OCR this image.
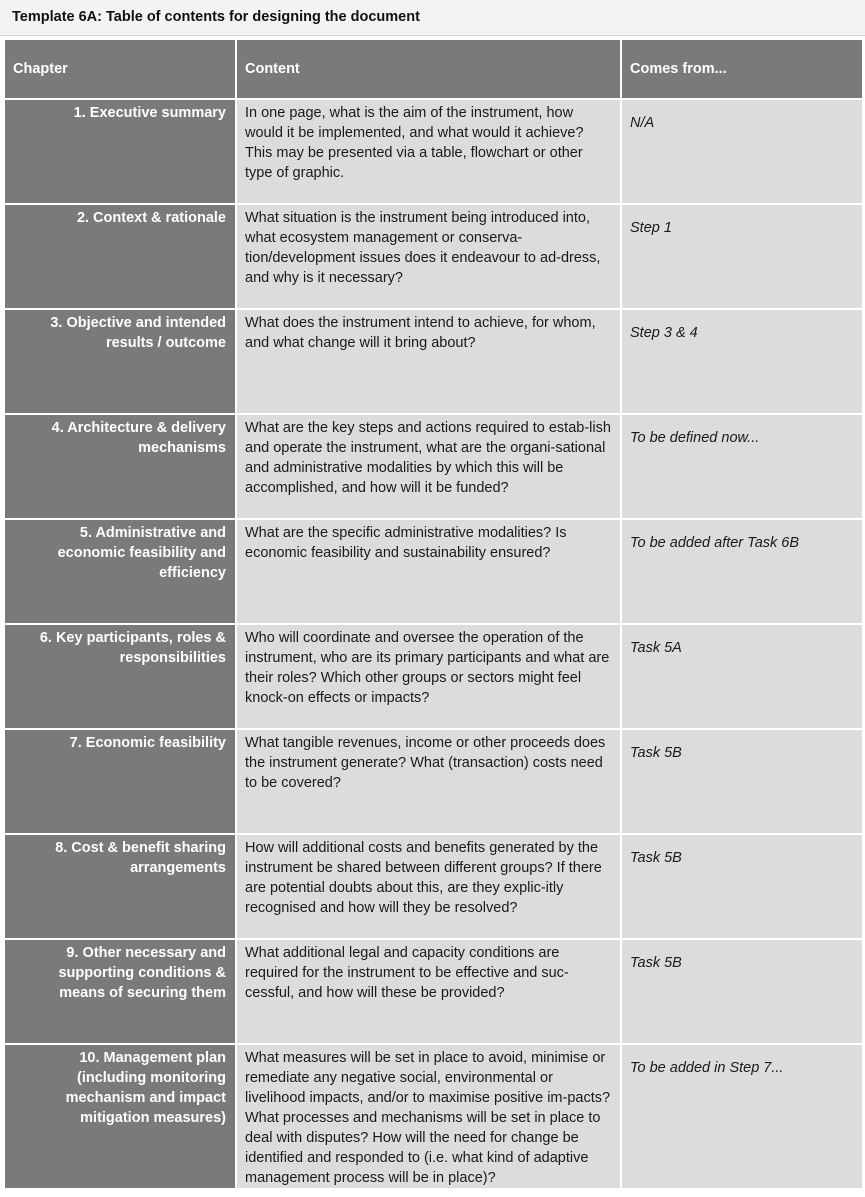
Template 6A: Table of contents for designing the document
Chapter	Content	Comes from...
1. Executive summary	In one page, what is the aim of the instrument, how would it be implemented, and what would it achieve? This may be presented via a table, flowchart or other type of graphic.	N/A
2. Context & rationale	What situation is the instrument being introduced into, what ecosystem management or conserva-tion/development issues does it endeavour to ad-dress, and why is it necessary?	Step 1
3. Objective and intended results / outcome	What does the instrument intend to achieve, for whom, and what change will it bring about?	Step 3 & 4
4. Architecture & delivery mechanisms	What are the key steps and actions required to estab-lish and operate the instrument, what are the organi-sational and administrative modalities by which this will be accomplished, and how will it be funded?	To be defined now...
5. Administrative and economic feasibility and efficiency	What are the specific administrative modalities? Is economic feasibility and sustainability ensured?	To be added after Task 6B
6. Key participants, roles & responsibilities	Who will coordinate and oversee the operation of the instrument, who are its primary participants and what are their roles? Which other groups or sectors might feel knock-on effects or impacts?	Task 5A
7. Economic feasibility	What tangible revenues, income or other proceeds does the instrument generate? What (transaction) costs need to be covered?	Task 5B
8. Cost & benefit sharing arrangements	How will additional costs and benefits generated by the instrument be shared between different groups? If there are potential doubts about this, are they explic-itly recognised and how will they be resolved?	Task 5B
9. Other necessary and supporting conditions & means of securing them	What additional legal and capacity conditions are required for the instrument to be effective and suc-cessful, and how will these be provided?	Task 5B
10. Management plan (including monitoring mechanism and impact mitigation measures)	What measures will be set in place to avoid, minimise or remediate any negative social, environmental or livelihood impacts, and/or to maximise positive im-pacts? What processes and mechanisms will be set in place to deal with disputes? How will the need for change be identified and responded to (i.e. what kind of adaptive management process will be in place)?	To be added in Step 7...
